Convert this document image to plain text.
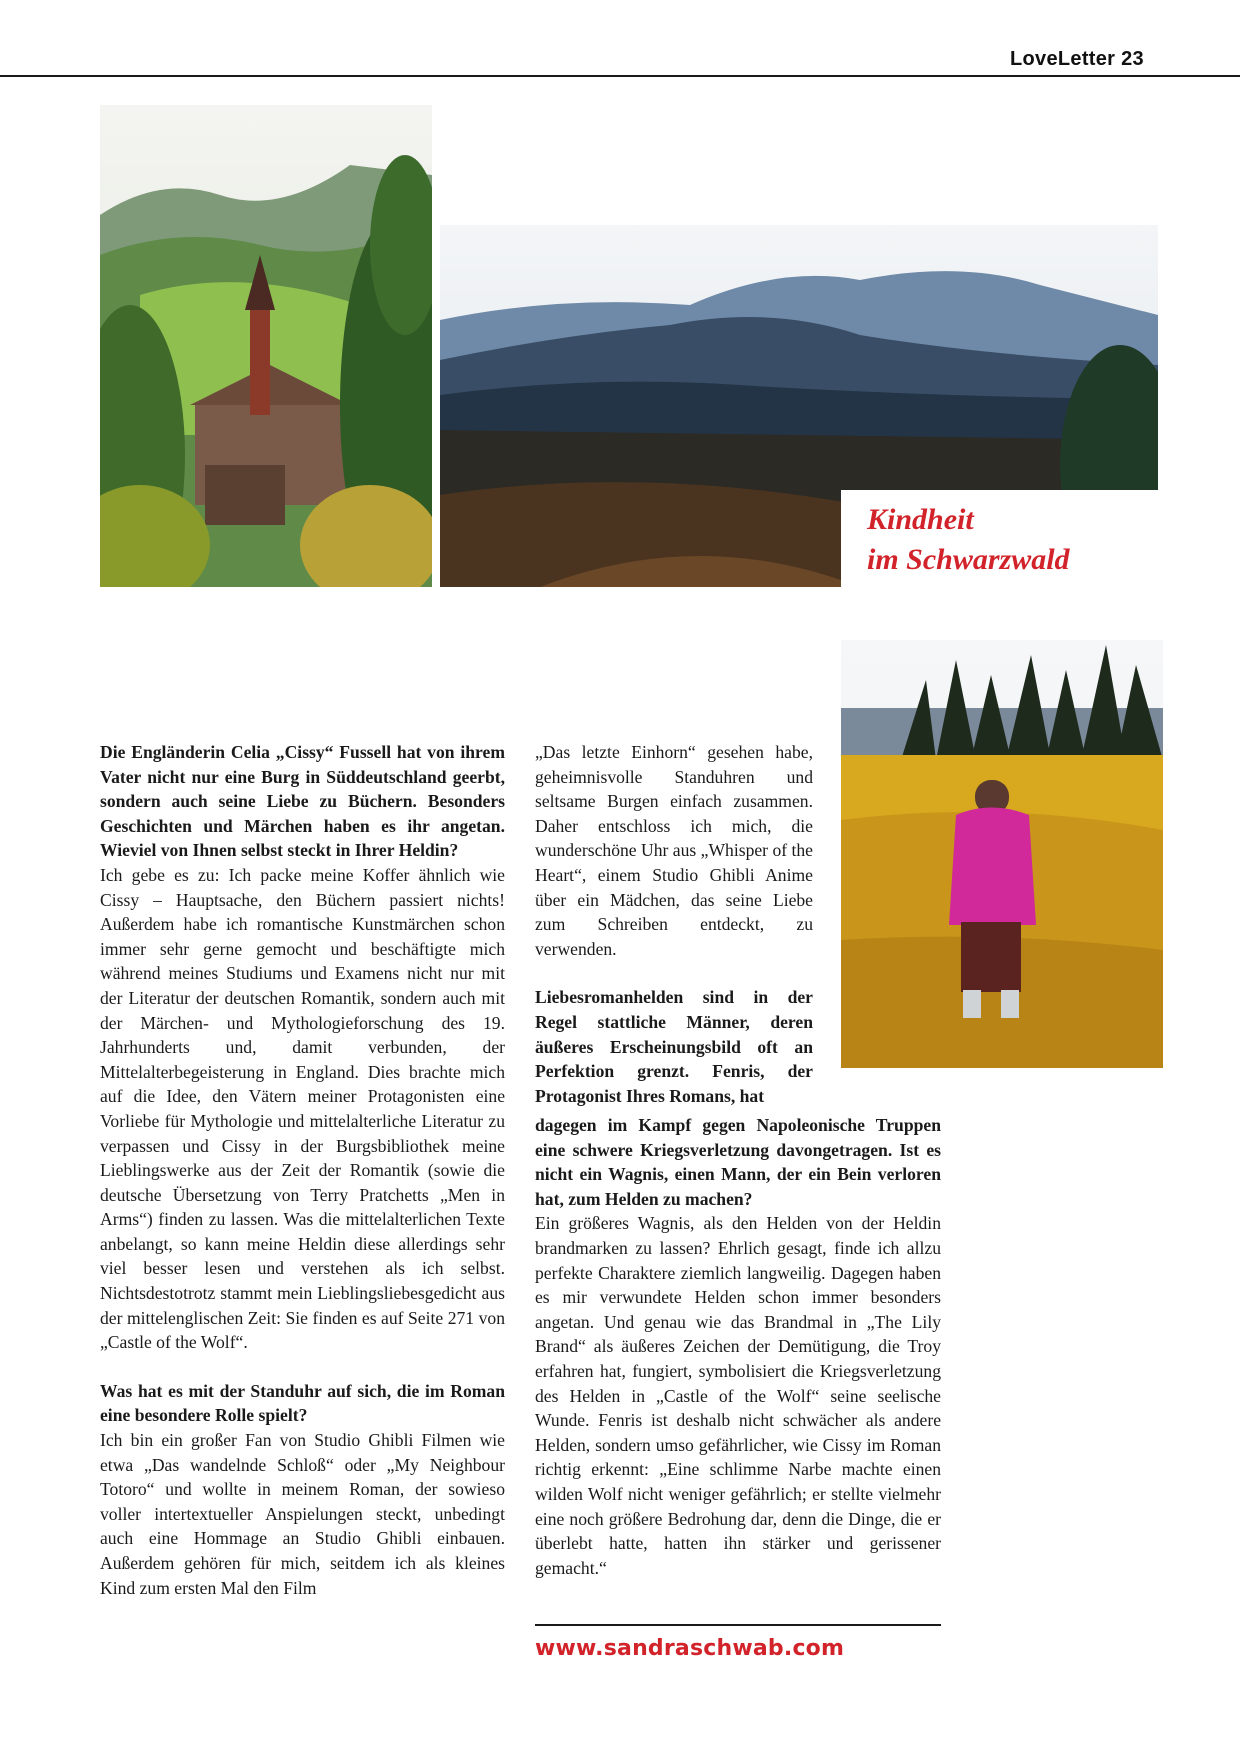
LoveLetter 23
Kindheit
im Schwarzwald

Die Engländerin Celia „Cissy“ Fussell hat von ihrem Vater nicht nur eine Burg in Süddeutschland geerbt, sondern auch seine Liebe zu Büchern. Besonders Geschichten und Märchen haben es ihr angetan. Wieviel von Ihnen selbst steckt in Ihrer Heldin?

Ich gebe es zu: Ich packe meine Koffer ähnlich wie Cissy – Hauptsache, den Büchern passiert nichts! Außerdem habe ich romantische Kunstmärchen schon immer sehr gerne gemocht und beschäftigte mich während meines Studiums und Examens nicht nur mit der Literatur der deutschen Romantik, sondern auch mit der Märchen- und Mythologieforschung des 19. Jahrhunderts und, damit verbunden, der Mittelalterbegeisterung in England. Dies brachte mich auf die Idee, den Vätern meiner Protagonisten eine Vorliebe für Mythologie und mittelalterliche Literatur zu verpassen und Cissy in der Burgsbibliothek meine Lieblingswerke aus der Zeit der Romantik (sowie die deutsche Übersetzung von Terry Pratchetts „Men in Arms“) finden zu lassen. Was die mittelalterlichen Texte anbelangt, so kann meine Heldin diese allerdings sehr viel besser lesen und verstehen als ich selbst. Nichtsdestotrotz stammt mein Lieblingsliebesgedicht aus der mittelenglischen Zeit: Sie finden es auf Seite 271 von „Castle of the Wolf“.

Was hat es mit der Standuhr auf sich, die im Roman eine besondere Rolle spielt?

Ich bin ein großer Fan von Studio Ghibli Filmen wie etwa „Das wandelnde Schloß“ oder „My Neighbour Totoro“ und wollte in meinem Roman, der sowieso voller intertextueller Anspielungen steckt, unbedingt auch eine Hommage an Studio Ghibli einbauen. Außerdem gehören für mich, seitdem ich als kleines Kind zum ersten Mal den Film

„Das letzte Einhorn“ gesehen habe, geheimnisvolle Standuhren und seltsame Burgen einfach zusammen. Daher entschloss ich mich, die wunderschöne Uhr aus „Whisper of the Heart“, einem Studio Ghibli Anime über ein Mädchen, das seine Liebe zum Schreiben entdeckt, zu verwenden.

Liebesromanhelden sind in der Regel stattliche Männer, deren äußeres Erscheinungsbild oft an Perfektion grenzt. Fenris, der Protagonist Ihres Romans, hat

dagegen im Kampf gegen Napoleonische Truppen eine schwere Kriegsverletzung davongetragen. Ist es nicht ein Wagnis, einen Mann, der ein Bein verloren hat, zum Helden zu machen?

Ein größeres Wagnis, als den Helden von der Heldin brandmarken zu lassen? Ehrlich gesagt, finde ich allzu perfekte Charaktere ziemlich langweilig. Dagegen haben es mir verwundete Helden schon immer besonders angetan. Und genau wie das Brandmal in „The Lily Brand“ als äußeres Zeichen der Demütigung, die Troy erfahren hat, fungiert, symbolisiert die Kriegsverletzung des Helden in „Castle of the Wolf“ seine seelische Wunde. Fenris ist deshalb nicht schwächer als andere Helden, sondern umso gefährlicher, wie Cissy im Roman richtig erkennt: „Eine schlimme Narbe machte einen wilden Wolf nicht weniger gefährlich; er stellte vielmehr eine noch größere Bedrohung dar, denn die Dinge, die er überlebt hatte, hatten ihn stärker und gerissener gemacht.“

www.sandraschwab.com
